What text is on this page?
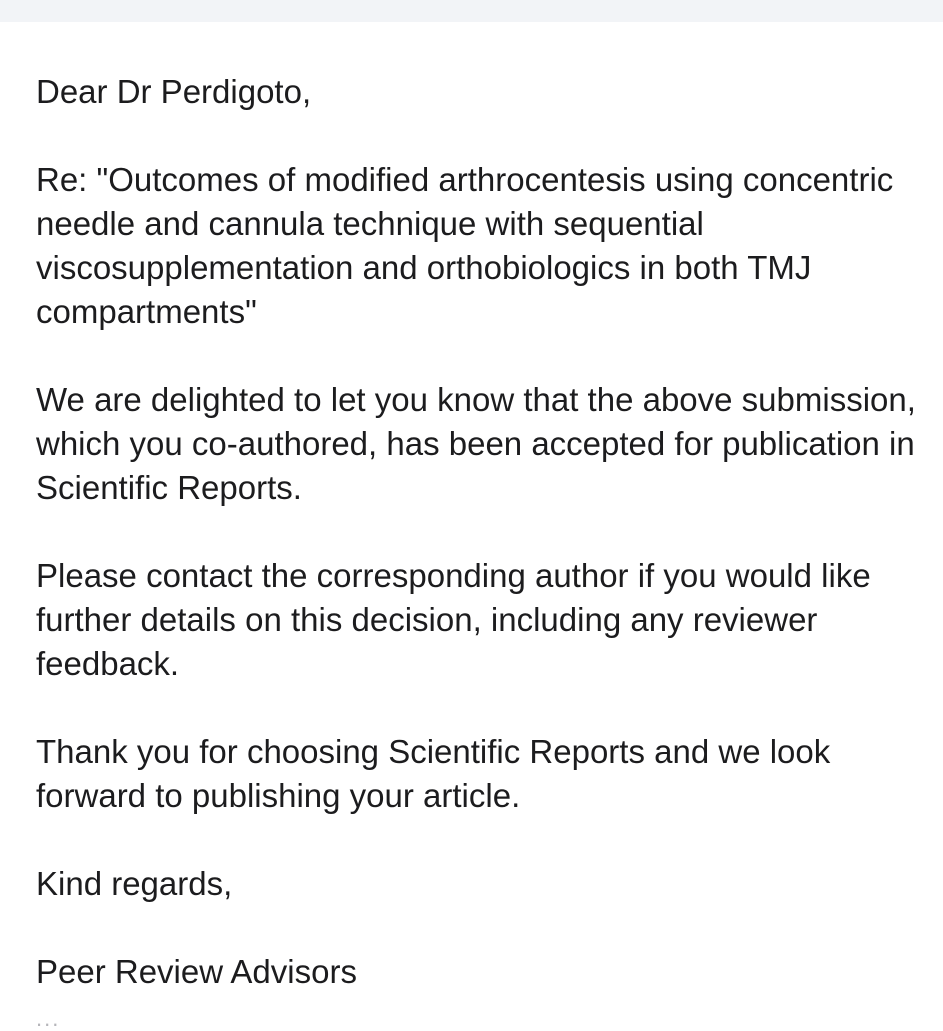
Dear Dr Perdigoto,

Re: "Outcomes of modified arthrocentesis using concentric needle and cannula technique with sequential viscosupplementation and orthobiologics in both TMJ compartments"

We are delighted to let you know that the above submission, which you co-authored, has been accepted for publication in Scientific Reports.

Please contact the corresponding author if you would like further details on this decision, including any reviewer feedback.

Thank you for choosing Scientific Reports and we look forward to publishing your article.

Kind regards,

Peer Review Advisors

...
